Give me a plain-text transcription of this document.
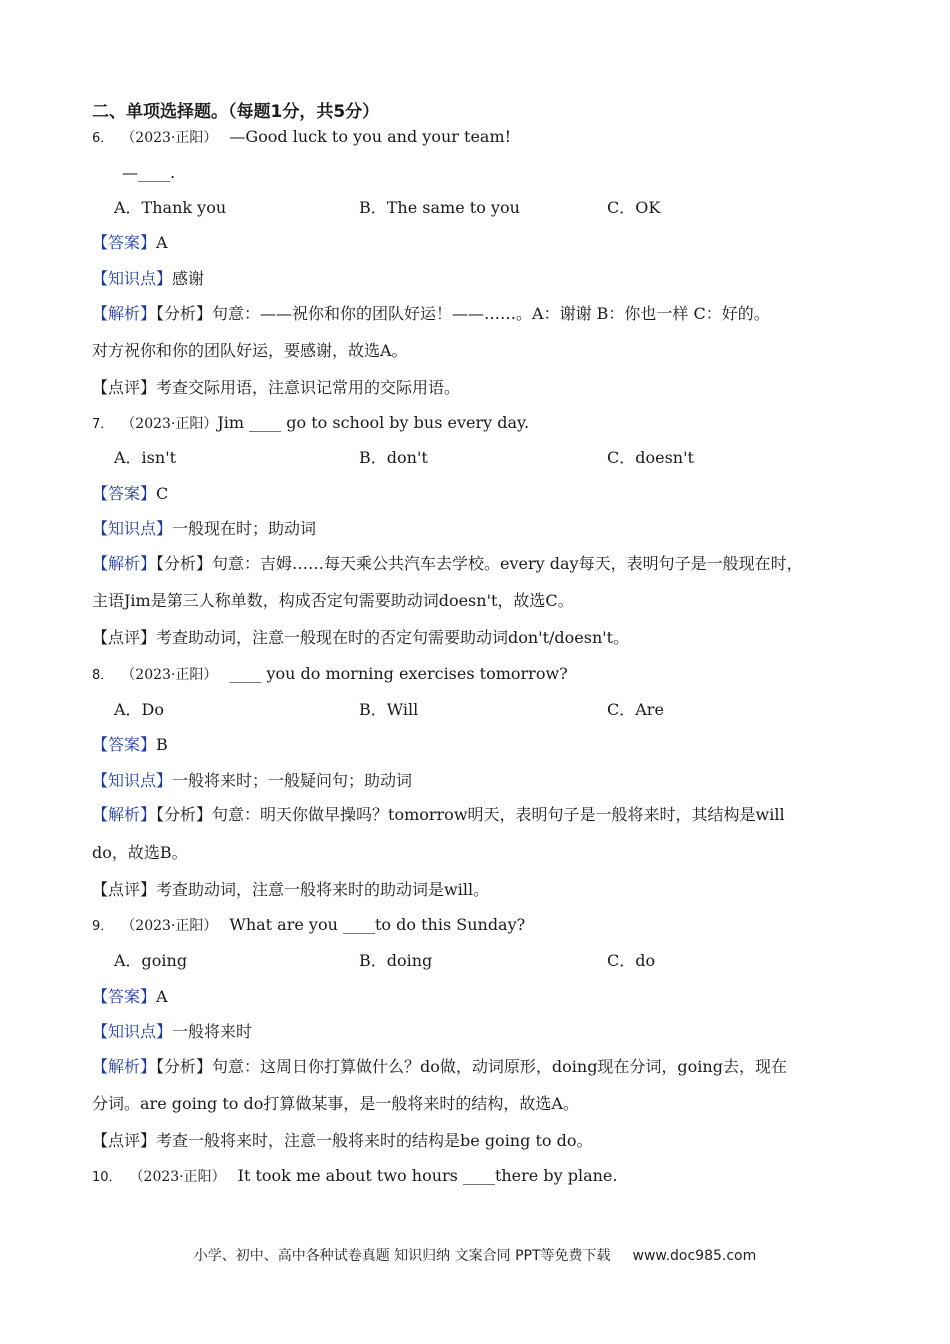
二、单项选择题。（每题1分，共5分）
6． （2023·正阳） —Good luck to you and your team!
—____.
A．Thank you	B．The same to you	C．OK
【答案】A
【知识点】感谢
【解析】【分析】句意：——祝你和你的团队好运！——……。A：谢谢 B：你也一样 C：好的。
对方祝你和你的团队好运，要感谢，故选A。
【点评】考查交际用语，注意识记常用的交际用语。
7． （2023·正阳）Jim ____ go to school by bus every day.
A．isn't	B．don't	C．doesn't
【答案】C
【知识点】一般现在时；助动词
【解析】【分析】句意：吉姆……每天乘公共汽车去学校。every day每天，表明句子是一般现在时，
主语Jim是第三人称单数，构成否定句需要助动词doesn't，故选C。
【点评】考查助动词，注意一般现在时的否定句需要助动词don't/doesn't。
8． （2023·正阳） ____ you do morning exercises tomorrow?
A．Do	B．Will	C．Are
【答案】B
【知识点】一般将来时；一般疑问句；助动词
【解析】【分析】句意：明天你做早操吗？tomorrow明天，表明句子是一般将来时，其结构是will
do，故选B。
【点评】考查助动词，注意一般将来时的助动词是will。
9． （2023·正阳） What are you ____to do this Sunday?
A．going	B．doing	C．do
【答案】A
【知识点】一般将来时
【解析】【分析】句意：这周日你打算做什么？do做，动词原形，doing现在分词，going去，现在
分词。are going to do打算做某事，是一般将来时的结构，故选A。
【点评】考查一般将来时，注意一般将来时的结构是be going to do。
10． （2023·正阳） It took me about two hours ____there by plane.
小学、初中、高中各种试卷真题 知识归纳 文案合同 PPT等免费下载 www.doc985.com
